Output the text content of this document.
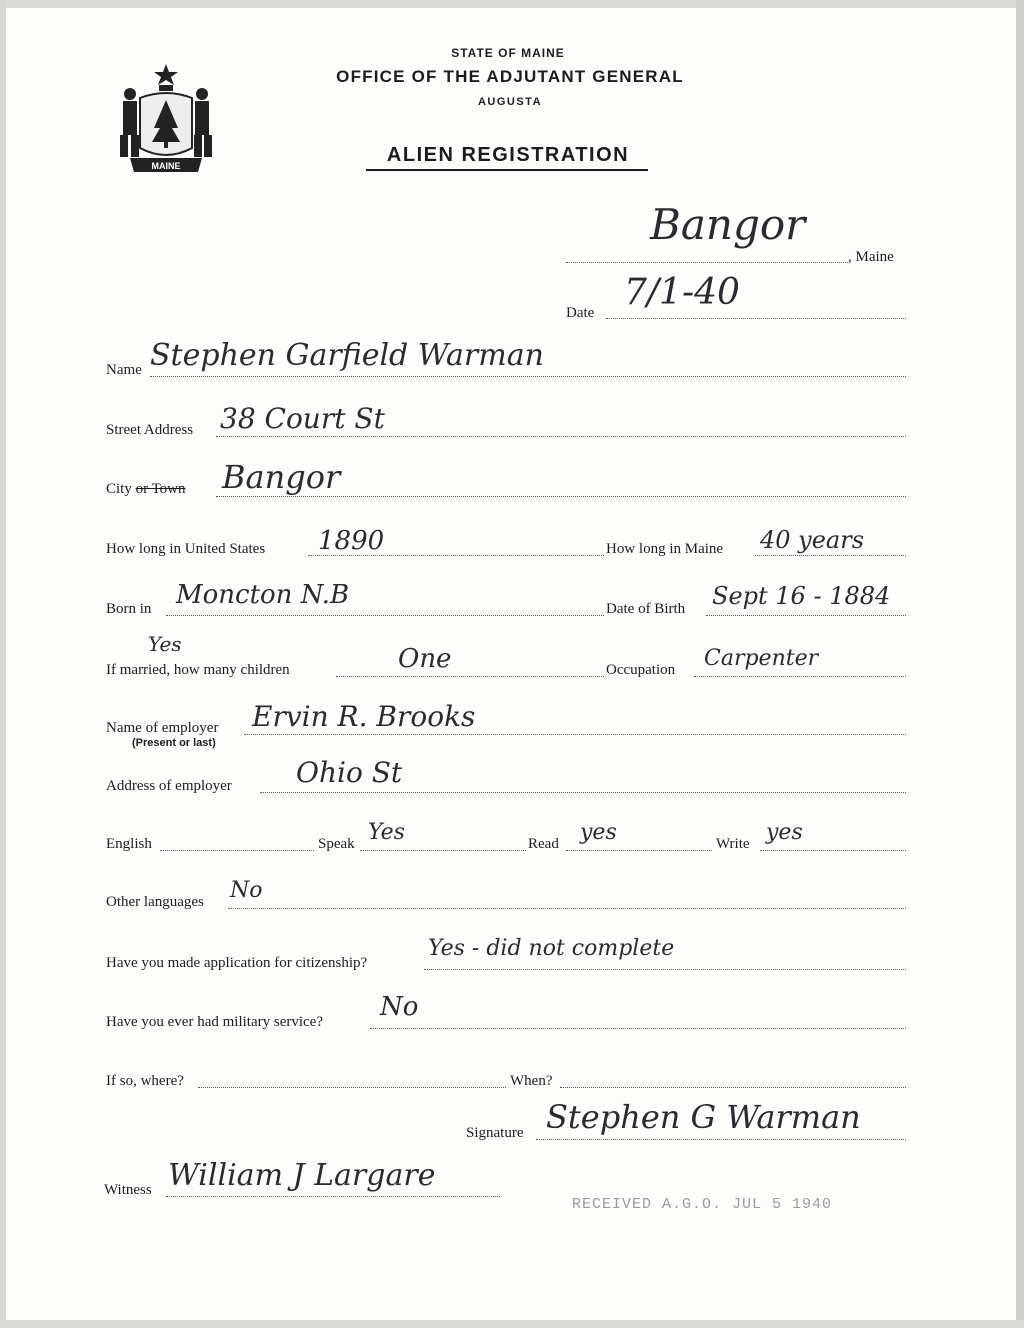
MAINE
STATE OF MAINE
OFFICE OF THE ADJUTANT GENERAL
AUGUSTA
ALIEN REGISTRATION
Bangor
, Maine
Date 7/1-40
Name Stephen Garfield Warman
Street Address 38 Court St
City or Town Bangor
How long in United States 1890	How long in Maine 40 years
Born in Moncton N.B	Date of Birth Sept 16 - 1884
Yes
If married, how many children	One	Occupation Carpenter
Name of employer
(Present or last)
Ervin R. Brooks
Address of employer Ohio St
English	Speak Yes	Read yes	Write yes
Other languages No
Have you made application for citizenship?
Yes - did not complete
Have you ever had military service? No
If so, where?	When?
Signature Stephen G Warman
Witness William J Largare
RECEIVED A.G.O. JUL 5 1940
